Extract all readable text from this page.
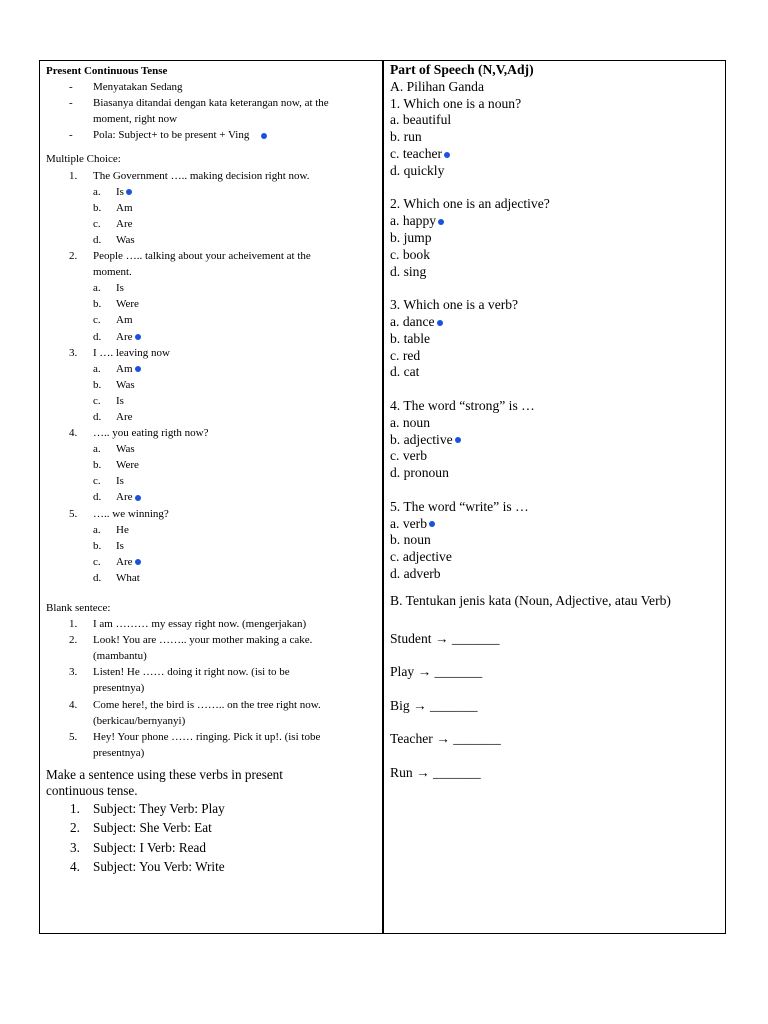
Present Continuous Tense
- Menyatakan Sedang
- Biasanya ditandai dengan kata keterangan now, at the
moment, right now
- Pola: Subject+ to be present + Ving
Multiple Choice:
1. The Government ….. making decision right now.
a. Is
b. Am
c. Are
d. Was
2. People ….. talking about your acheivement at the
moment.
a. Is
b. Were
c. Am
d. Are
3. I …. leaving now
a. Am
b. Was
c. Is
d. Are
4. ….. you eating rigth now?
a. Was
b. Were
c. Is
d. Are
5. ….. we winning?
a. He
b. Is
c. Are
d. What
Blank sentece:
1. I am ……… my essay right now. (mengerjakan)
2. Look! You are …….. your mother making a cake.
(mambantu)
3. Listen! He …… doing it right now. (isi to be
presentnya)
4. Come here!, the bird is …….. on the tree right now.
(berkicau/bernyanyi)
5. Hey! Your phone …… ringing. Pick it up!. (isi tobe
presentnya)
Make a sentence using these verbs in present
continuous tense.
1. Subject: They Verb: Play
2. Subject: She Verb: Eat
3. Subject: I Verb: Read
4. Subject: You Verb: Write
Part of Speech (N,V,Adj)
A. Pilihan Ganda
1. Which one is a noun?
a. beautiful
b. run
c. teacher
d. quickly
2. Which one is an adjective?
a. happy
b. jump
c. book
d. sing
3. Which one is a verb?
a. dance
b. table
c. red
d. cat
4. The word “strong” is …
a. noun
b. adjective
c. verb
d. pronoun
5. The word “write” is …
a. verb
b. noun
c. adjective
d. adverb
B. Tentukan jenis kata (Noun, Adjective, atau Verb)
Student → _______
Play → _______
Big → _______
Teacher → _______
Run → _______
